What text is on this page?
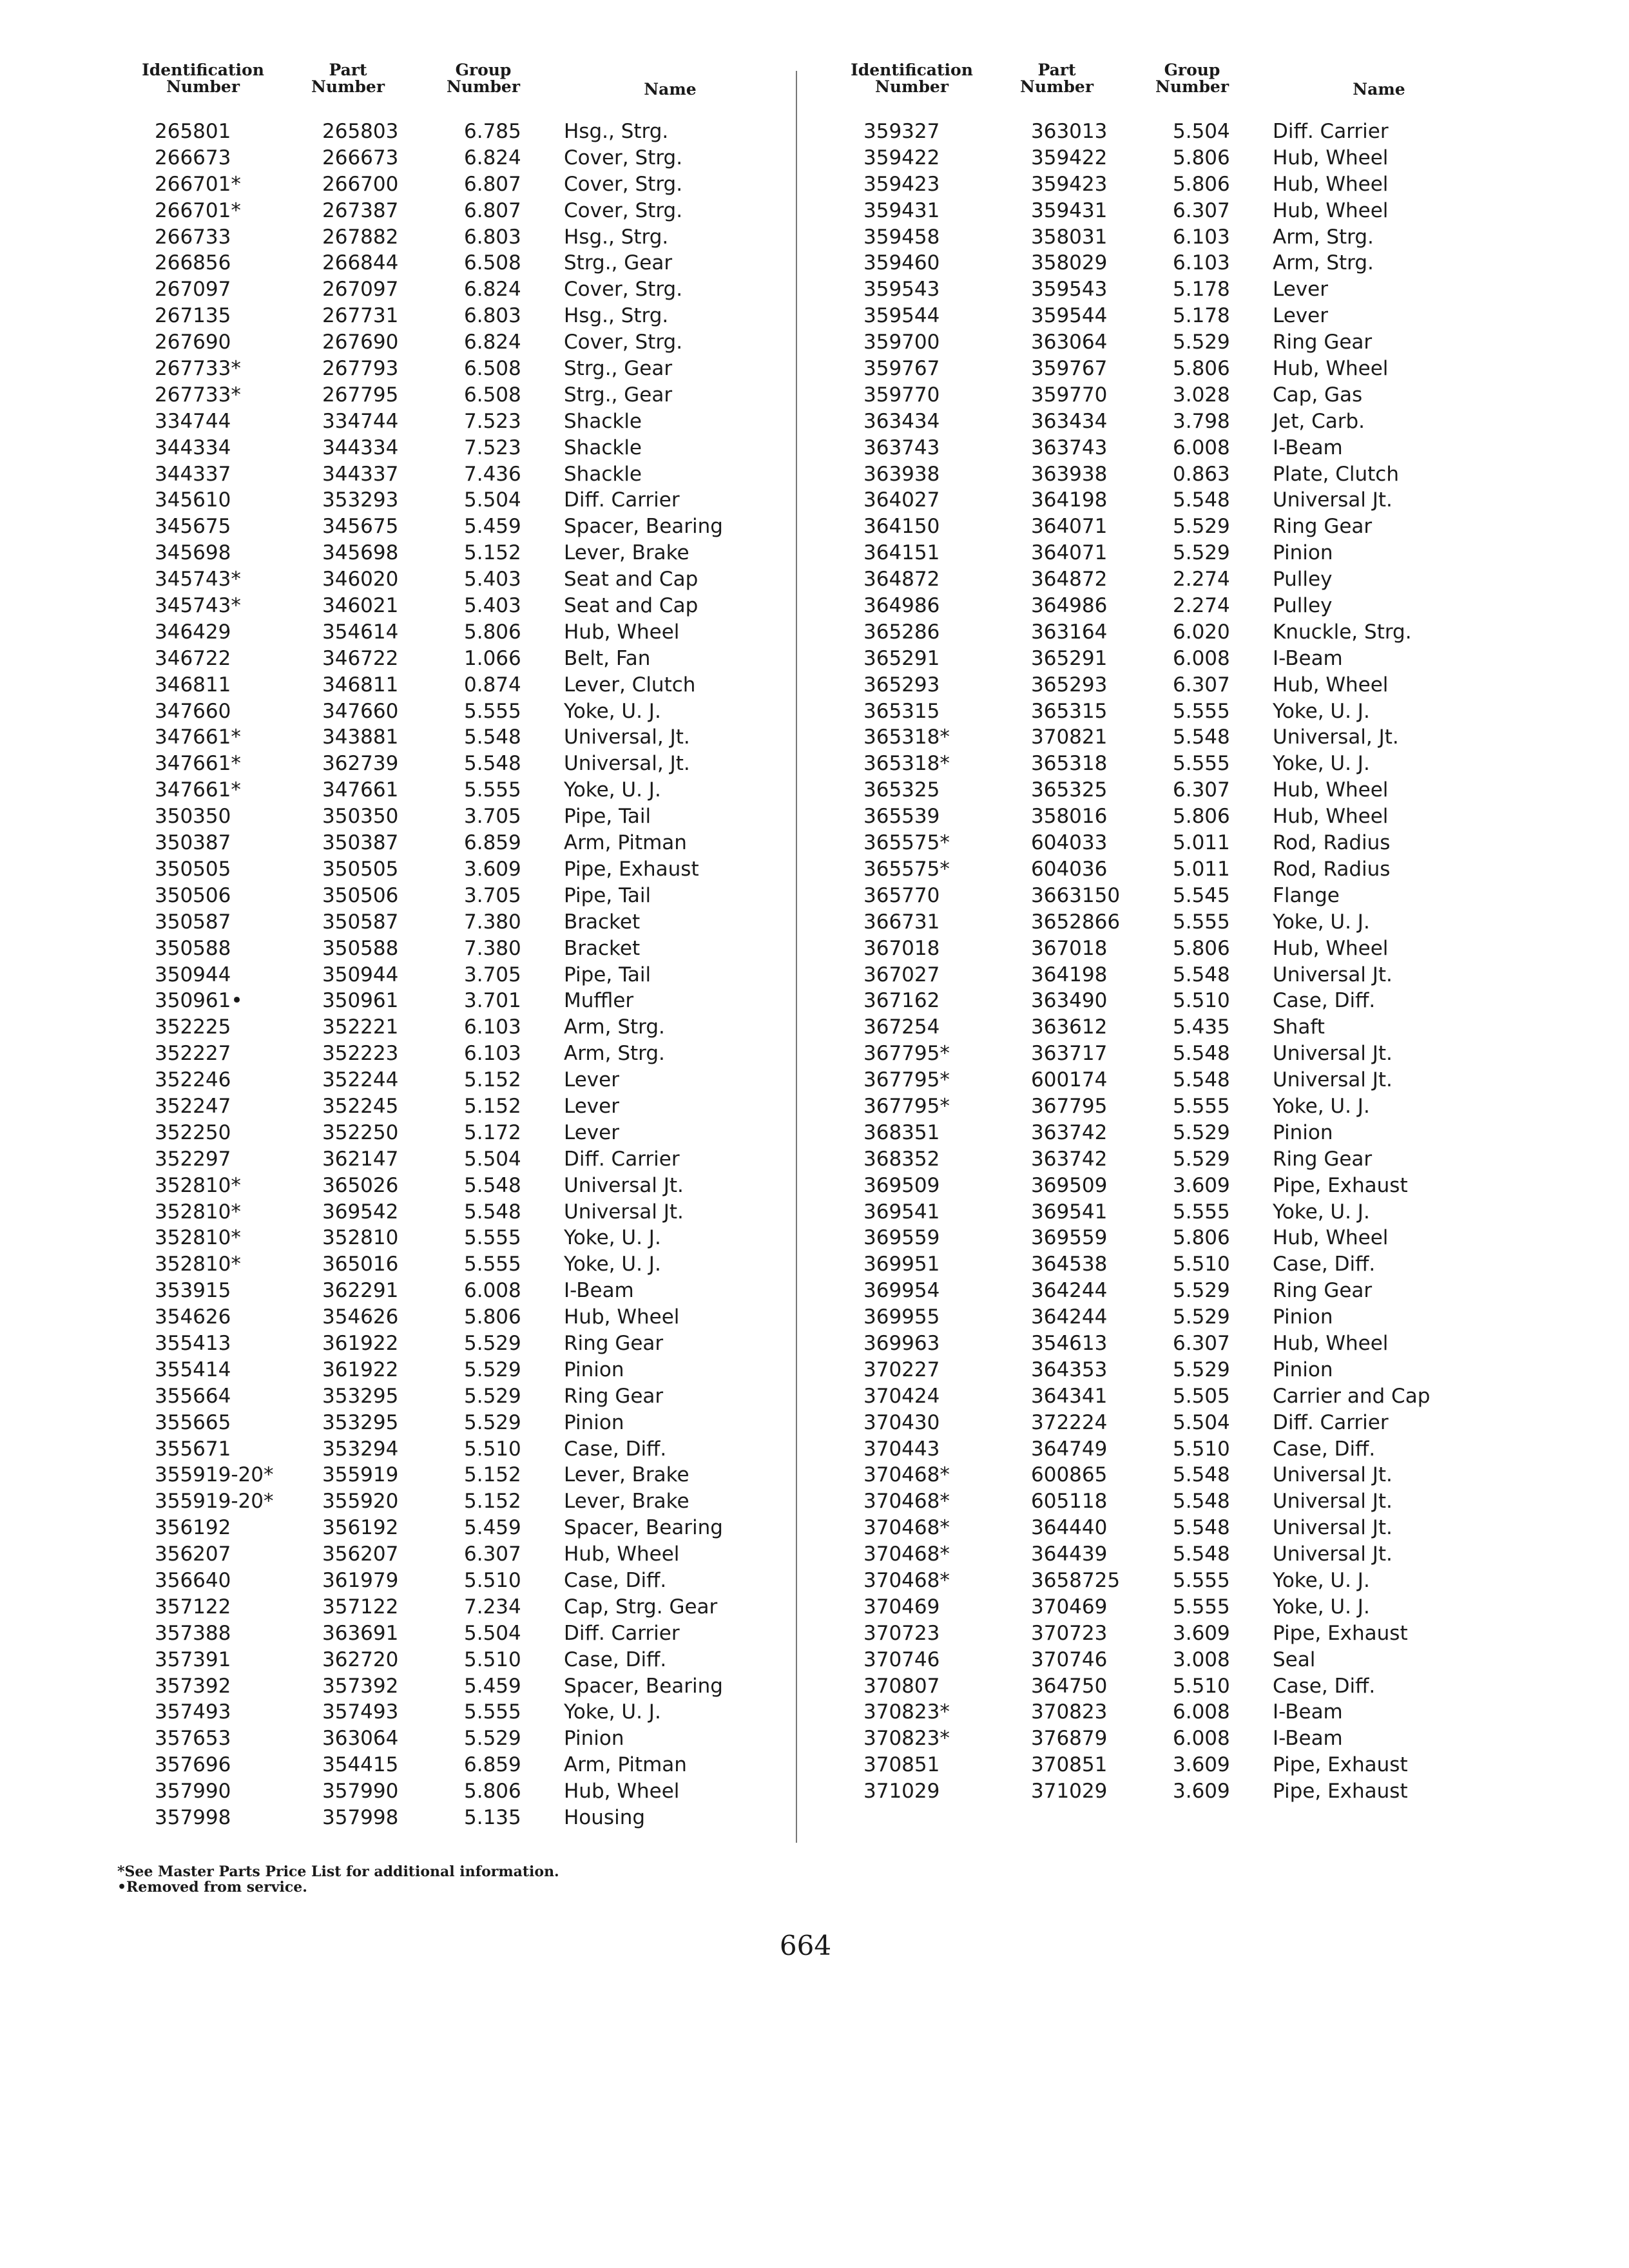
Identification
Number
Part
Number
Group
Number	Name
265801	265803	6.785 Hsg., Strg.
266673	266673	6.824 Cover, Strg.
266701*	266700	6.807 Cover, Strg.
266701*	267387	6.807 Cover, Strg.
266733	267882	6.803 Hsg., Strg.
266856	266844	6.508 Strg., Gear
267097	267097	6.824 Cover, Strg.
267135	267731	6.803 Hsg., Strg.
267690	267690	6.824 Cover, Strg.
267733*	267793	6.508 Strg., Gear
267733*	267795	6.508 Strg., Gear
334744	334744	7.523 Shackle
344334	344334	7.523 Shackle
344337	344337	7.436 Shackle
345610	353293	5.504 Diff. Carrier
345675	345675	5.459 Spacer, Bearing
345698	345698	5.152 Lever, Brake
345743*	346020	5.403 Seat and Cap
345743*	346021	5.403 Seat and Cap
346429	354614	5.806 Hub, Wheel
346722	346722	1.066 Belt, Fan
346811	346811	0.874 Lever, Clutch
347660	347660	5.555 Yoke, U. J.
347661*	343881	5.548 Universal, Jt.
347661*	362739	5.548 Universal, Jt.
347661*	347661	5.555 Yoke, U. J.
350350	350350	3.705 Pipe, Tail
350387	350387	6.859 Arm, Pitman
350505	350505	3.609 Pipe, Exhaust
350506	350506	3.705 Pipe, Tail
350587	350587	7.380 Bracket
350588	350588	7.380 Bracket
350944	350944	3.705 Pipe, Tail
350961•	350961	3.701 Muffler
352225	352221	6.103 Arm, Strg.
352227	352223	6.103 Arm, Strg.
352246	352244	5.152 Lever
352247	352245	5.152 Lever
352250	352250	5.172 Lever
352297	362147	5.504 Diff. Carrier
352810*	365026	5.548 Universal Jt.
352810*	369542	5.548 Universal Jt.
352810*	352810	5.555 Yoke, U. J.
352810*	365016	5.555 Yoke, U. J.
353915	362291	6.008 I-Beam
354626	354626	5.806 Hub, Wheel
355413	361922	5.529 Ring Gear
355414	361922	5.529 Pinion
355664	353295	5.529 Ring Gear
355665	353295	5.529 Pinion
355671	353294	5.510 Case, Diff.
355919-20* 355919	5.152 Lever, Brake
355919-20* 355920	5.152 Lever, Brake
356192	356192	5.459 Spacer, Bearing
356207	356207	6.307 Hub, Wheel
356640	361979	5.510 Case, Diff.
357122	357122	7.234 Cap, Strg. Gear
357388	363691	5.504 Diff. Carrier
357391	362720	5.510 Case, Diff.
357392	357392	5.459 Spacer, Bearing
357493	357493	5.555 Yoke, U. J.
357653	363064	5.529 Pinion
357696	354415	6.859 Arm, Pitman
357990	357990	5.806 Hub, Wheel
357998	357998	5.135 Housing
Identification
Number
Part
Number
Group
Number	Name
359327	363013	5.504 Diff. Carrier
359422	359422	5.806 Hub, Wheel
359423	359423	5.806 Hub, Wheel
359431	359431	6.307 Hub, Wheel
359458	358031	6.103 Arm, Strg.
359460	358029	6.103 Arm, Strg.
359543	359543	5.178 Lever
359544	359544	5.178 Lever
359700	363064	5.529 Ring Gear
359767	359767	5.806 Hub, Wheel
359770	359770	3.028 Cap, Gas
363434	363434	3.798 Jet, Carb.
363743	363743	6.008 I-Beam
363938	363938	0.863 Plate, Clutch
364027	364198	5.548 Universal Jt.
364150	364071	5.529 Ring Gear
364151	364071	5.529 Pinion
364872	364872	2.274 Pulley
364986	364986	2.274 Pulley
365286	363164	6.020 Knuckle, Strg.
365291	365291	6.008 I-Beam
365293	365293	6.307 Hub, Wheel
365315	365315	5.555 Yoke, U. J.
365318*	370821	5.548 Universal, Jt.
365318*	365318	5.555 Yoke, U. J.
365325	365325	6.307 Hub, Wheel
365539	358016	5.806 Hub, Wheel
365575*	604033	5.011 Rod, Radius
365575*	604036	5.011 Rod, Radius
365770	3663150	5.545 Flange
366731	3652866	5.555 Yoke, U. J.
367018	367018	5.806 Hub, Wheel
367027	364198	5.548 Universal Jt.
367162	363490	5.510 Case, Diff.
367254	363612	5.435 Shaft
367795*	363717	5.548 Universal Jt.
367795*	600174	5.548 Universal Jt.
367795*	367795	5.555 Yoke, U. J.
368351	363742	5.529 Pinion
368352	363742	5.529 Ring Gear
369509	369509	3.609 Pipe, Exhaust
369541	369541	5.555 Yoke, U. J.
369559	369559	5.806 Hub, Wheel
369951	364538	5.510 Case, Diff.
369954	364244	5.529 Ring Gear
369955	364244	5.529 Pinion
369963	354613	6.307 Hub, Wheel
370227	364353	5.529 Pinion
370424	364341	5.505 Carrier and Cap
370430	372224	5.504 Diff. Carrier
370443	364749	5.510 Case, Diff.
370468*	600865	5.548 Universal Jt.
370468*	605118	5.548 Universal Jt.
370468*	364440	5.548 Universal Jt.
370468*	364439	5.548 Universal Jt.
370468*	3658725	5.555 Yoke, U. J.
370469	370469	5.555 Yoke, U. J.
370723	370723	3.609 Pipe, Exhaust
370746	370746	3.008 Seal
370807	364750	5.510 Case, Diff.
370823*	370823	6.008 I-Beam
370823*	376879	6.008 I-Beam
370851	370851	3.609 Pipe, Exhaust
371029	371029	3.609 Pipe, Exhaust
*See Master Parts Price List for additional information.
•Removed from service.
664
